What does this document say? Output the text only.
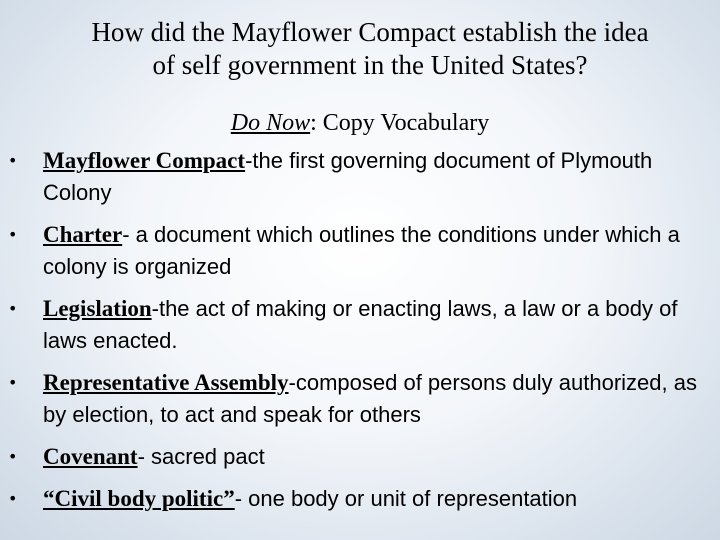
How did the Mayflower Compact establish the idea
of self government in the United States?
Do Now: Copy Vocabulary
• Mayflower Compact-the first governing document of Plymouth Colony
• Charter- a document which outlines the conditions under which a colony is organized
• Legislation-the act of making or enacting laws, a law or a body of laws enacted.
• Representative Assembly-composed of persons duly authorized, as by election, to act and speak for others
• Covenant- sacred pact
• “Civil body politic”- one body or unit of representation
